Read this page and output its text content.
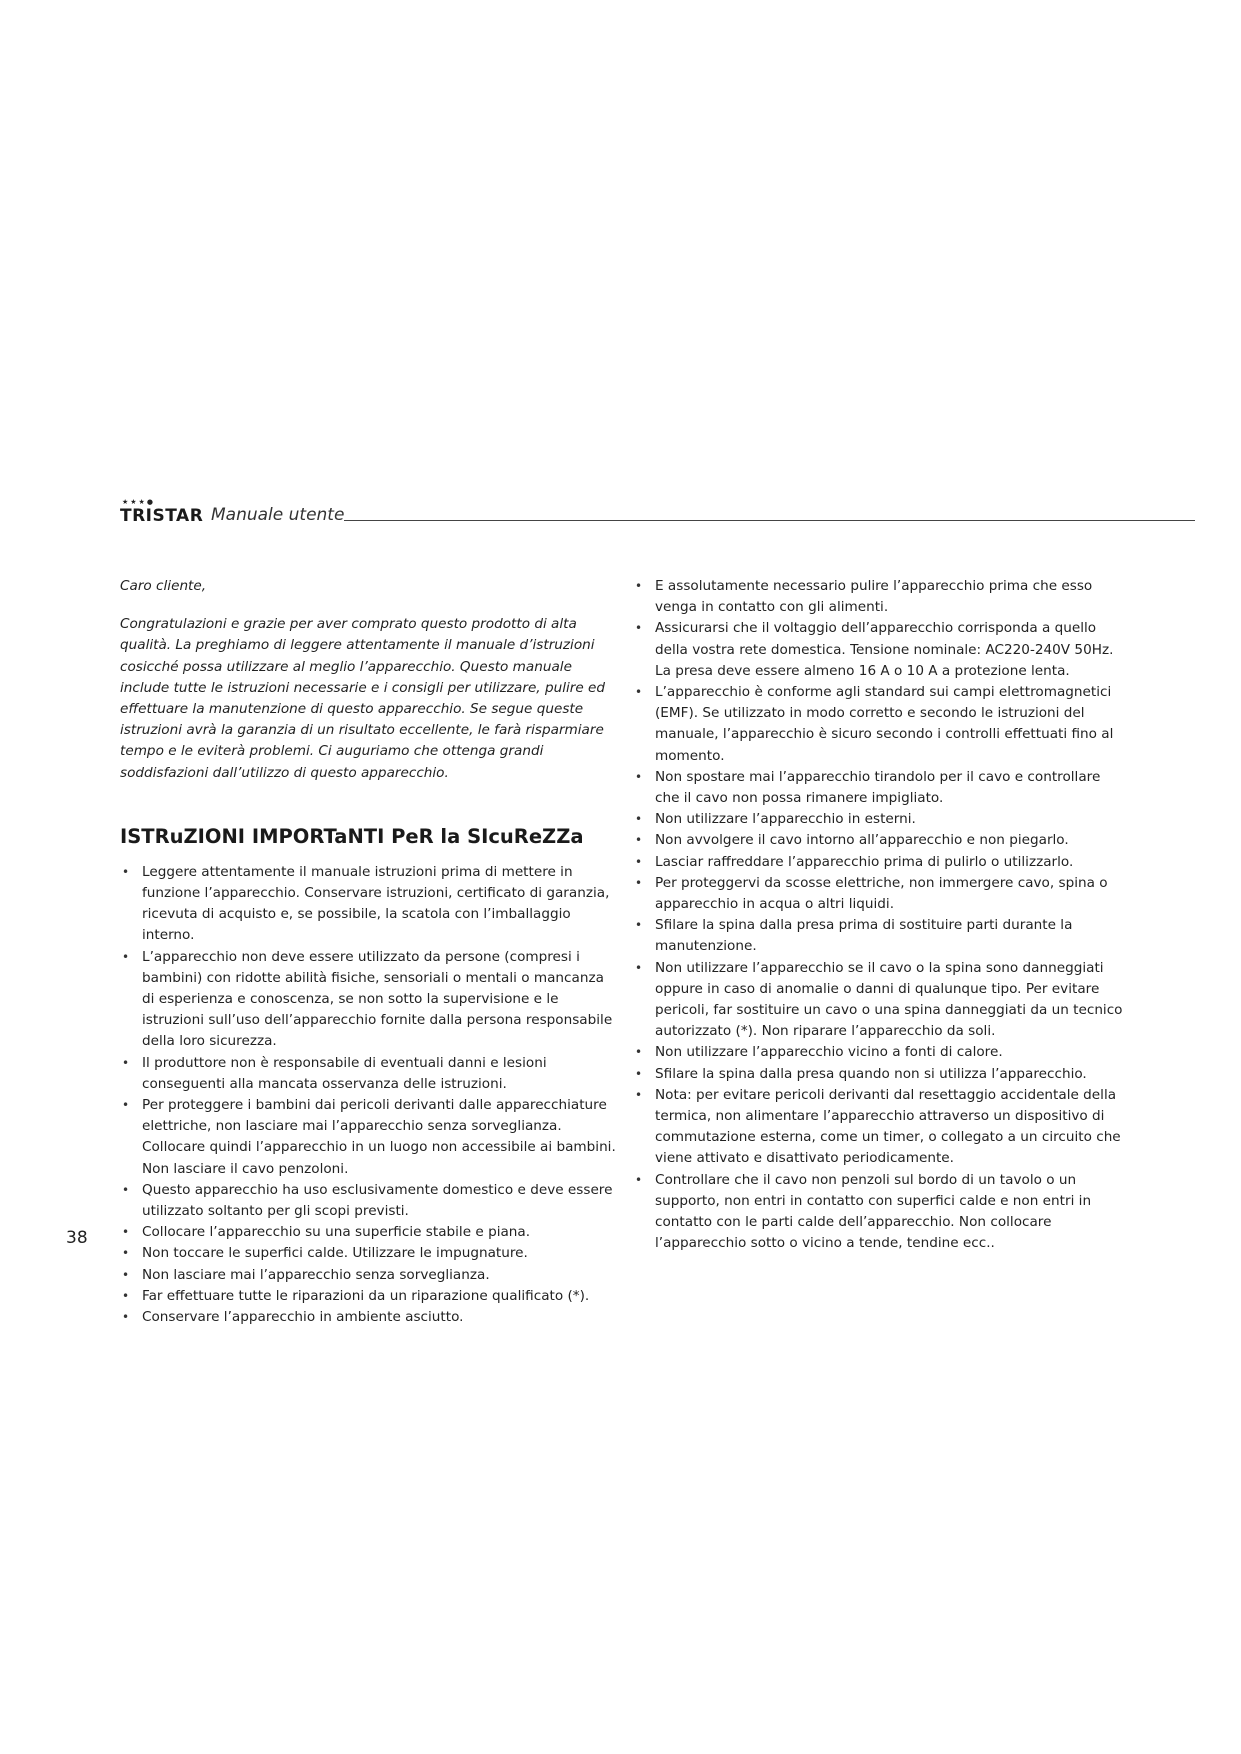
★★★●
TRISTAR Manuale utente

Caro cliente,

Congratulazioni e grazie per aver comprato questo prodotto di alta qualità. La preghiamo di leggere attentamente il manuale d’istruzioni cosicché possa utilizzare al meglio l’apparecchio. Questo manuale include tutte le istruzioni necessarie e i consigli per utilizzare, pulire ed effettuare la manutenzione di questo apparecchio. Se segue queste istruzioni avrà la garanzia di un risultato eccellente, le farà risparmiare tempo e le eviterà problemi. Ci auguriamo che ottenga grandi soddisfazioni dall’utilizzo di questo apparecchio.

ISTRuZIONI IMPORTaNTI PeR la SIcuReZZa
• Leggere attentamente il manuale istruzioni prima di mettere in funzione l’apparecchio. Conservare istruzioni, certificato di garanzia, ricevuta di acquisto e, se possibile, la scatola con l’imballaggio interno.
• L’apparecchio non deve essere utilizzato da persone (compresi i bambini) con ridotte abilità fisiche, sensoriali o mentali o mancanza di esperienza e conoscenza, se non sotto la supervisione e le istruzioni sull’uso dell’apparecchio fornite dalla persona responsabile della loro sicurezza.
• Il produttore non è responsabile di eventuali danni e lesioni conseguenti alla mancata osservanza delle istruzioni.
• Per proteggere i bambini dai pericoli derivanti dalle apparecchiature elettriche, non lasciare mai l’apparecchio senza sorveglianza. Collocare quindi l’apparecchio in un luogo non accessibile ai bambini. Non lasciare il cavo penzoloni.
• Questo apparecchio ha uso esclusivamente domestico e deve essere utilizzato soltanto per gli scopi previsti.
• Collocare l’apparecchio su una superficie stabile e piana.
• Non toccare le superfici calde. Utilizzare le impugnature.
• Non lasciare mai l’apparecchio senza sorveglianza.
• Far effettuare tutte le riparazioni da un riparazione qualificato (*).
• Conservare l’apparecchio in ambiente asciutto.
• E assolutamente necessario pulire l’apparecchio prima che esso venga in contatto con gli alimenti.
• Assicurarsi che il voltaggio dell’apparecchio corrisponda a quello della vostra rete domestica. Tensione nominale: AC220-240V 50Hz. La presa deve essere almeno 16 A o 10 A a protezione lenta.
• L’apparecchio è conforme agli standard sui campi elettromagnetici (EMF). Se utilizzato in modo corretto e secondo le istruzioni del manuale, l’apparecchio è sicuro secondo i controlli effettuati fino al momento.
• Non spostare mai l’apparecchio tirandolo per il cavo e controllare che il cavo non possa rimanere impigliato.
• Non utilizzare l’apparecchio in esterni.
• Non avvolgere il cavo intorno all’apparecchio e non piegarlo.
• Lasciar raffreddare l’apparecchio prima di pulirlo o utilizzarlo.
• Per proteggervi da scosse elettriche, non immergere cavo, spina o apparecchio in acqua o altri liquidi.
• Sfilare la spina dalla presa prima di sostituire parti durante la manutenzione.
• Non utilizzare l’apparecchio se il cavo o la spina sono danneggiati oppure in caso di anomalie o danni di qualunque tipo. Per evitare pericoli, far sostituire un cavo o una spina danneggiati da un tecnico autorizzato (*). Non riparare l’apparecchio da soli.
• Non utilizzare l’apparecchio vicino a fonti di calore.
• Sfilare la spina dalla presa quando non si utilizza l’apparecchio.
• Nota: per evitare pericoli derivanti dal resettaggio accidentale della termica, non alimentare l’apparecchio attraverso un dispositivo di commutazione esterna, come un timer, o collegato a un circuito che viene attivato e disattivato periodicamente.
• Controllare che il cavo non penzoli sul bordo di un tavolo o un supporto, non entri in contatto con superfici calde e non entri in contatto con le parti calde dell’apparecchio. Non collocare l’apparecchio sotto o vicino a tende, tendine ecc..
38
